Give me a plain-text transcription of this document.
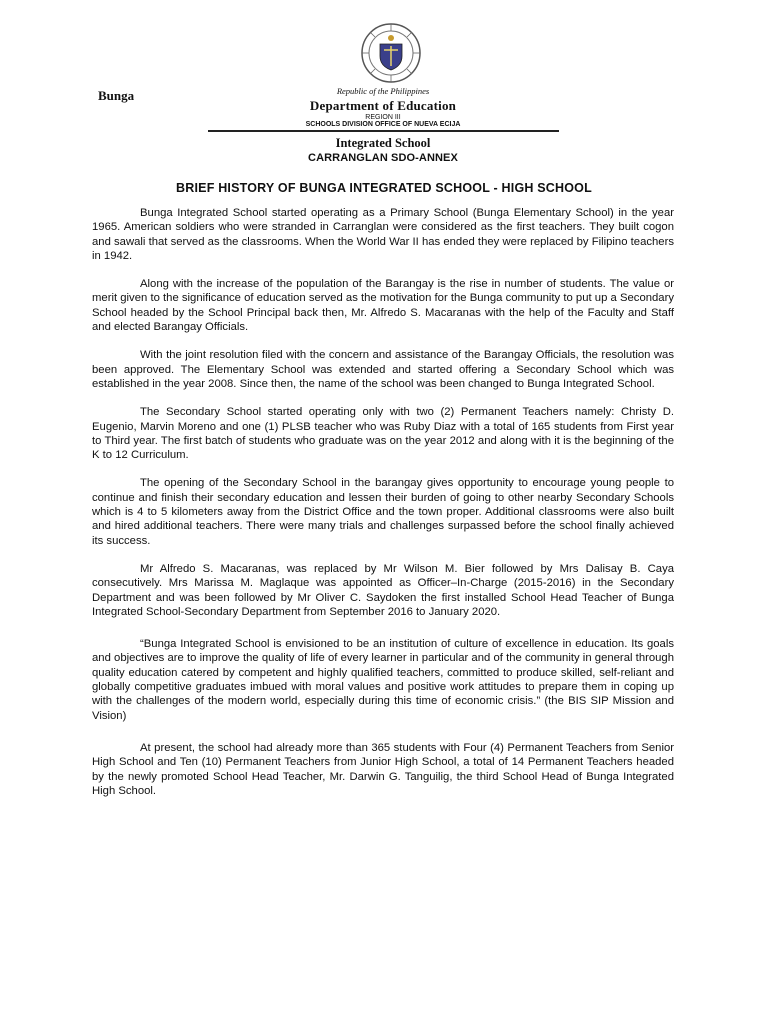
Bunga	Republic of the Philippines
Department of Education
REGION III
SCHOOLS DIVISION OFFICE OF NUEVA ECIJA
Integrated School
CARRANGLAN SDO-ANNEX
BRIEF HISTORY OF BUNGA INTEGRATED SCHOOL - HIGH SCHOOL

Bunga Integrated School started operating as a Primary School (Bunga Elementary School) in the year 1965. American soldiers who were stranded in Carranglan were considered as the first teachers. They built cogon and sawali that served as the classrooms. When the World War II has ended they were replaced by Filipino teachers in 1942.

Along with the increase of the population of the Barangay is the rise in number of students. The value or merit given to the significance of education served as the motivation for the Bunga community to put up a Secondary School headed by the School Principal back then, Mr. Alfredo S. Macaranas with the help of the Faculty and Staff and elected Barangay Officials.

With the joint resolution filed with the concern and assistance of the Barangay Officials, the resolution was been approved. The Elementary School was extended and started offering a Secondary School which was established in the year 2008. Since then, the name of the school was been changed to Bunga Integrated School.

The Secondary School started operating only with two (2) Permanent Teachers namely: Christy D. Eugenio, Marvin Moreno and one (1) PLSB teacher who was Ruby Diaz with a total of 165 students from First year to Third year. The first batch of students who graduate was on the year 2012 and along with it is the beginning of the K to 12 Curriculum.

The opening of the Secondary School in the barangay gives opportunity to encourage young people to continue and finish their secondary education and lessen their burden of going to other nearby Secondary Schools which is 4 to 5 kilometers away from the District Office and the town proper. Additional classrooms were also built and hired additional teachers. There were many trials and challenges surpassed before the school finally achieved its success.

Mr Alfredo S. Macaranas, was replaced by Mr Wilson M. Bier followed by Mrs Dalisay B. Caya consecutively. Mrs Marissa M. Maglaque was appointed as Officer–In-Charge (2015-2016) in the Secondary Department and was been followed by Mr Oliver C. Saydoken the first installed School Head Teacher of Bunga Integrated School-Secondary Department from September 2016 to January 2020.

“Bunga Integrated School is envisioned to be an institution of culture of excellence in education. Its goals and objectives are to improve the quality of life of every learner in particular and of the community in general through quality education catered by competent and highly qualified teachers, committed to produce skilled, self-reliant and globally competitive graduates imbued with moral values and positive work attitudes to prepare them in coping up with the challenges of the modern world, especially during this time of economic crisis.” (the BIS SIP Mission and Vision)

At present, the school had already more than 365 students with Four (4) Permanent Teachers from Senior High School and Ten (10) Permanent Teachers from Junior High School, a total of 14 Permanent Teachers headed by the newly promoted School Head Teacher, Mr. Darwin G. Tanguilig, the third School Head of Bunga Integrated High School.
